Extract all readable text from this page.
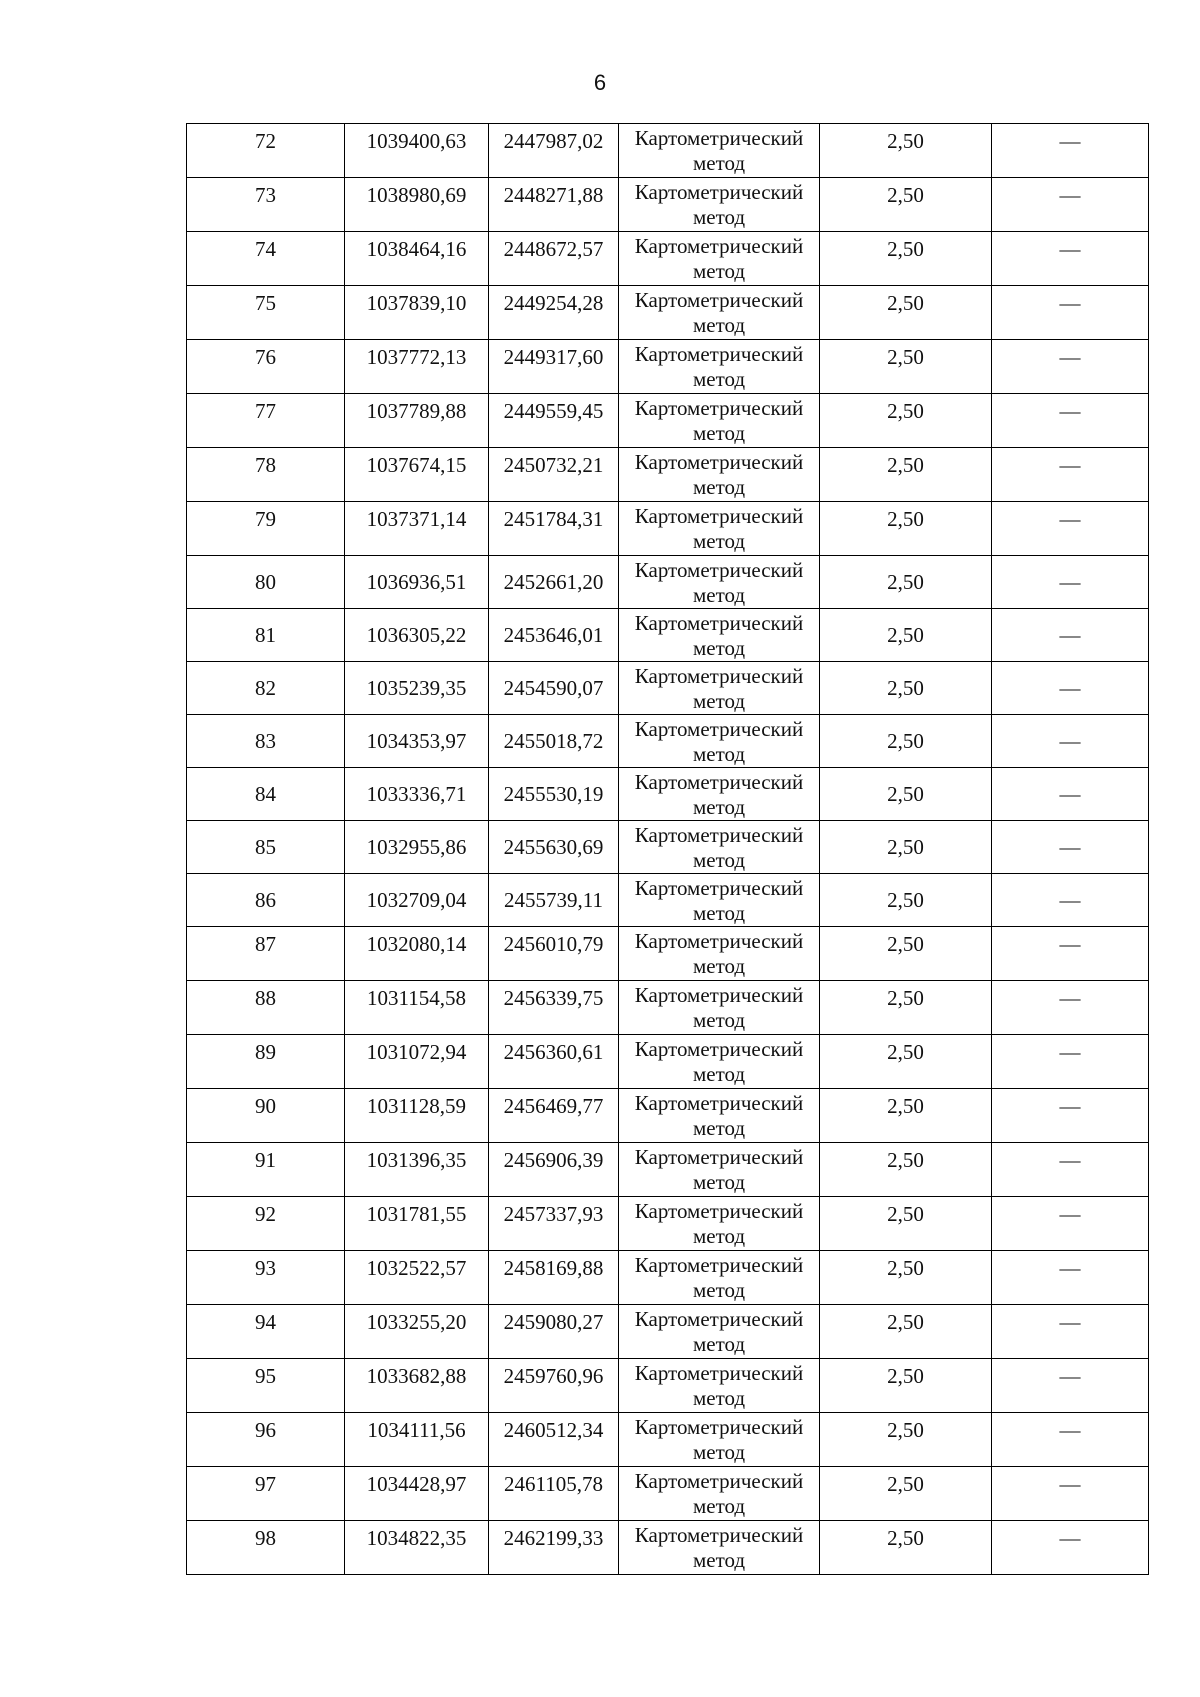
6
72	1039400,63	2447987,02	Картометрический метод	2,50	—
73	1038980,69	2448271,88	Картометрический метод	2,50	—
74	1038464,16	2448672,57	Картометрический метод	2,50	—
75	1037839,10	2449254,28	Картометрический метод	2,50	—
76	1037772,13	2449317,60	Картометрический метод	2,50	—
77	1037789,88	2449559,45	Картометрический метод	2,50	—
78	1037674,15	2450732,21	Картометрический метод	2,50	—
79	1037371,14	2451784,31	Картометрический метод	2,50	—
80	1036936,51	2452661,20	Картометрический метод	2,50	—
81	1036305,22	2453646,01	Картометрический метод	2,50	—
82	1035239,35	2454590,07	Картометрический метод	2,50	—
83	1034353,97	2455018,72	Картометрический метод	2,50	—
84	1033336,71	2455530,19	Картометрический метод	2,50	—
85	1032955,86	2455630,69	Картометрический метод	2,50	—
86	1032709,04	2455739,11	Картометрический метод	2,50	—
87	1032080,14	2456010,79	Картометрический метод	2,50	—
88	1031154,58	2456339,75	Картометрический метод	2,50	—
89	1031072,94	2456360,61	Картометрический метод	2,50	—
90	1031128,59	2456469,77	Картометрический метод	2,50	—
91	1031396,35	2456906,39	Картометрический метод	2,50	—
92	1031781,55	2457337,93	Картометрический метод	2,50	—
93	1032522,57	2458169,88	Картометрический метод	2,50	—
94	1033255,20	2459080,27	Картометрический метод	2,50	—
95	1033682,88	2459760,96	Картометрический метод	2,50	—
96	1034111,56	2460512,34	Картометрический метод	2,50	—
97	1034428,97	2461105,78	Картометрический метод	2,50	—
98	1034822,35	2462199,33	Картометрический метод	2,50	—
